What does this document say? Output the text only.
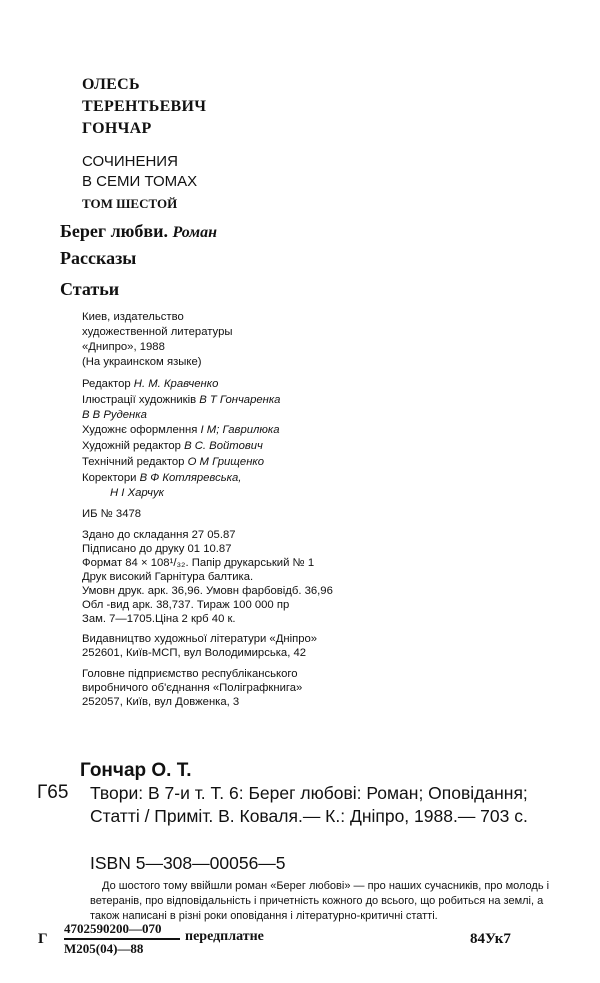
ОЛЕСЬ
ТЕРЕНТЬЕВИЧ
ГОНЧАР
СОЧИНЕНИЯ
В СЕМИ ТОМАХ
ТОМ ШЕСТОЙ
Берег любви. Роман
Рассказы
Статьи
Киев, издательство
художественной литературы
«Днипро», 1988
(На украинском языке)
Редактор Н. М. Кравченко
Ілюстрації художників В Т Гончаренка
В В Руденка
Художнє оформлення І М; Гаврилюка
Художній редактор В С. Войтович
Технічний редактор О М Грищенко
Коректори В Ф Котляревська,
Н І Харчук
ИБ № 3478
Здано до складання 27 05.87
Підписано до друку 01 10.87
Формат 84 × 108¹/₃₂. Папір друкарський № 1
Друк високий Гарнітура балтика.
Умовн друк. арк. 36,96. Умовн фарбовідб. 36,96
Обл -вид арк. 38,737. Тираж 100 000 пр
Зам. 7—1705.Ціна 2 крб 40 к.
Видавництво художньої літератури «Дніпро»
252601, Київ-МСП, вул Володимирська, 42
Головне підприємство республіканського
виробничого об'єднання «Поліграфкнига»
252057, Київ, вул Довженка, 3
Гончар О. Т.
Г65 Твори: В 7-и т. Т. 6: Берег любові: Роман; Оповідання; Статті / Приміт. В. Коваля.— К.: Дніпро, 1988.— 703 с.
ISBN 5—308—00056—5
До шостого тому ввійшли роман «Берег любові» — про наших сучасників, про молодь і ветеранів, про відповідальність і причетність кожного до всього, що робиться на землі, а також написані в різні роки оповідання і літературно-критичні статті.
Г
4702590200—070
М205(04)—88
передплатне	84Ук7
